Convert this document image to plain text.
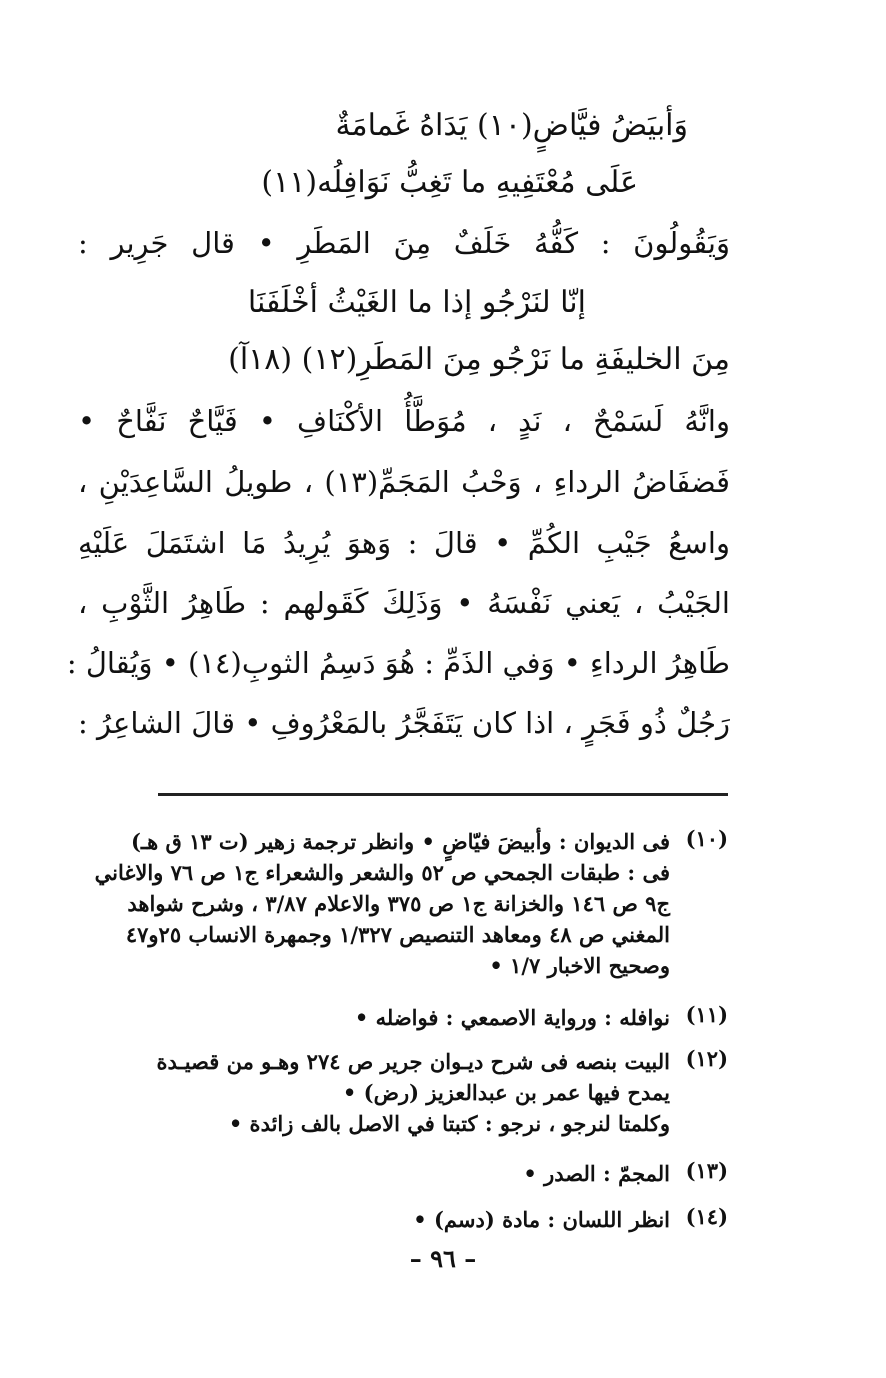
وَأبيَضُ فيَّاضٍ(١٠) يَدَاهُ غَمامَةٌ
عَلَى مُعْتَفِيهِ ما تَغِبُّ نَوَافِلُه(١١)
وَيَقُولُونَ : كَفُّهُ خَلَفٌ مِنَ المَطَرِ • قال جَرِير :
إنّا لنَرْجُو إذا ما الغَيْثُ أخْلَفَنَا
مِنَ الخليفَةِ ما نَرْجُو مِنَ المَطَرِ(١٢) (١٨آ)
وانَّهُ لَسَمْحٌ ، نَدٍ ، مُوَطَّأُ الأكْنَافِ • فَيَّاحٌ نَفَّاحٌ •
فَضفَاضُ الرداءِ ، وَحْبُ المَجَمِّ(١٣) ، طويلُ السَّاعِدَيْنِ ،
واسعُ جَيْبِ الكُمِّ • قالَ : وَهوَ يُرِيدُ مَا اشتَمَلَ عَلَيْهِ
الجَيْبُ ، يَعني نَفْسَهُ • وَذَلِكَ كَقَولهم : طَاهِرُ الثَّوْبِ ،
طَاهِرُ الرداءِ • وَفي الذَمِّ : هُوَ دَسِمُ الثوبِ(١٤) • وَيُقالُ :
رَجُلٌ ذُو فَجَرٍ ، اذا كان يَتَفَجَّرُ بالمَعْرُوفِ • قالَ الشاعِرُ :
(١٠)
فى الديوان : وأبيضَ فيّاضٍ • وانظر ترجمة زهير (ت ١٣ ق هـ)
فى : طبقات الجمحي ص ٥٢ والشعر والشعراء ج١ ص ٧٦ والاغاني
ج٩ ص ١٤٦ والخزانة ج١ ص ٣٧٥ والاعلام ٣/٨٧ ، وشرح شواهد
المغني ص ٤٨ ومعاهد التنصيص ١/٣٢٧ وجمهرة الانساب ٢٥و٤٧
وصحيح الاخبار ١/٧ •
(١١)
نوافله : ورواية الاصمعي : فواضله •
(١٢)
البيت بنصه فى شرح ديـوان جرير ص ٢٧٤ وهـو من قصيـدة
يمدح فيها عمر بن عبدالعزيز (رض) •
وكلمتا لنرجو ، نرجو : كتبتا في الاصل بالف زائدة •
(١٣)
المجمّ : الصدر •
(١٤)
انظر اللسان : مادة (دسم) •
– ٩٦ –
